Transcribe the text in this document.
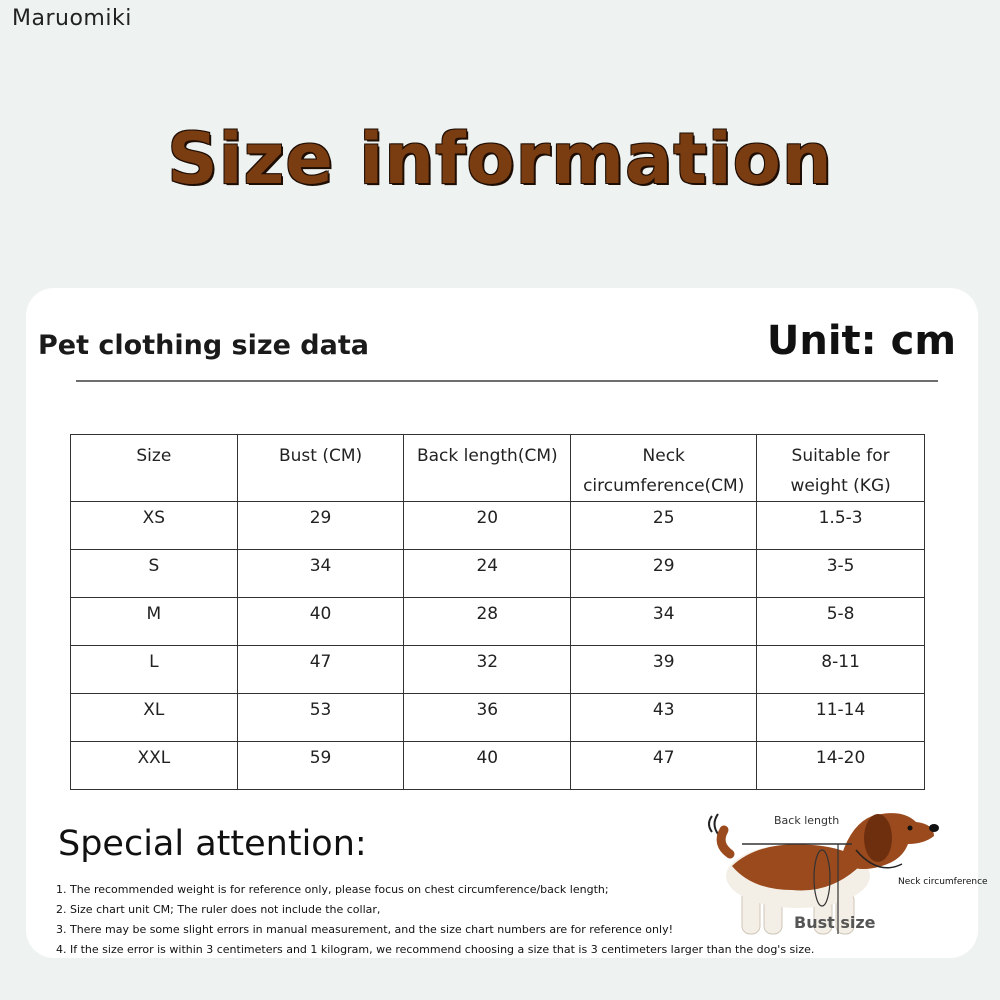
Maruomiki
Size information
Pet clothing size data	Unit: cm
Size	Bust (CM)	Back length(CM)	Neck circumference(CM)	Suitable for weight (KG)
XS	29	20	25	1.5-3
S	34	24	29	3-5
M	40	28	34	5-8
L	47	32	39	8-11
XL	53	36	43	11-14
XXL	59	40	47	14-20
Special attention:
1. The recommended weight is for reference only, please focus on chest circumference/back length;
2. Size chart unit CM; The ruler does not include the collar,
3. There may be some slight errors in manual measurement, and the size chart numbers are for reference only!
4. If the size error is within 3 centimeters and 1 kilogram, we recommend choosing a size that is 3 centimeters larger than the dog's size.
Back length
Neck circumference
Bust size
